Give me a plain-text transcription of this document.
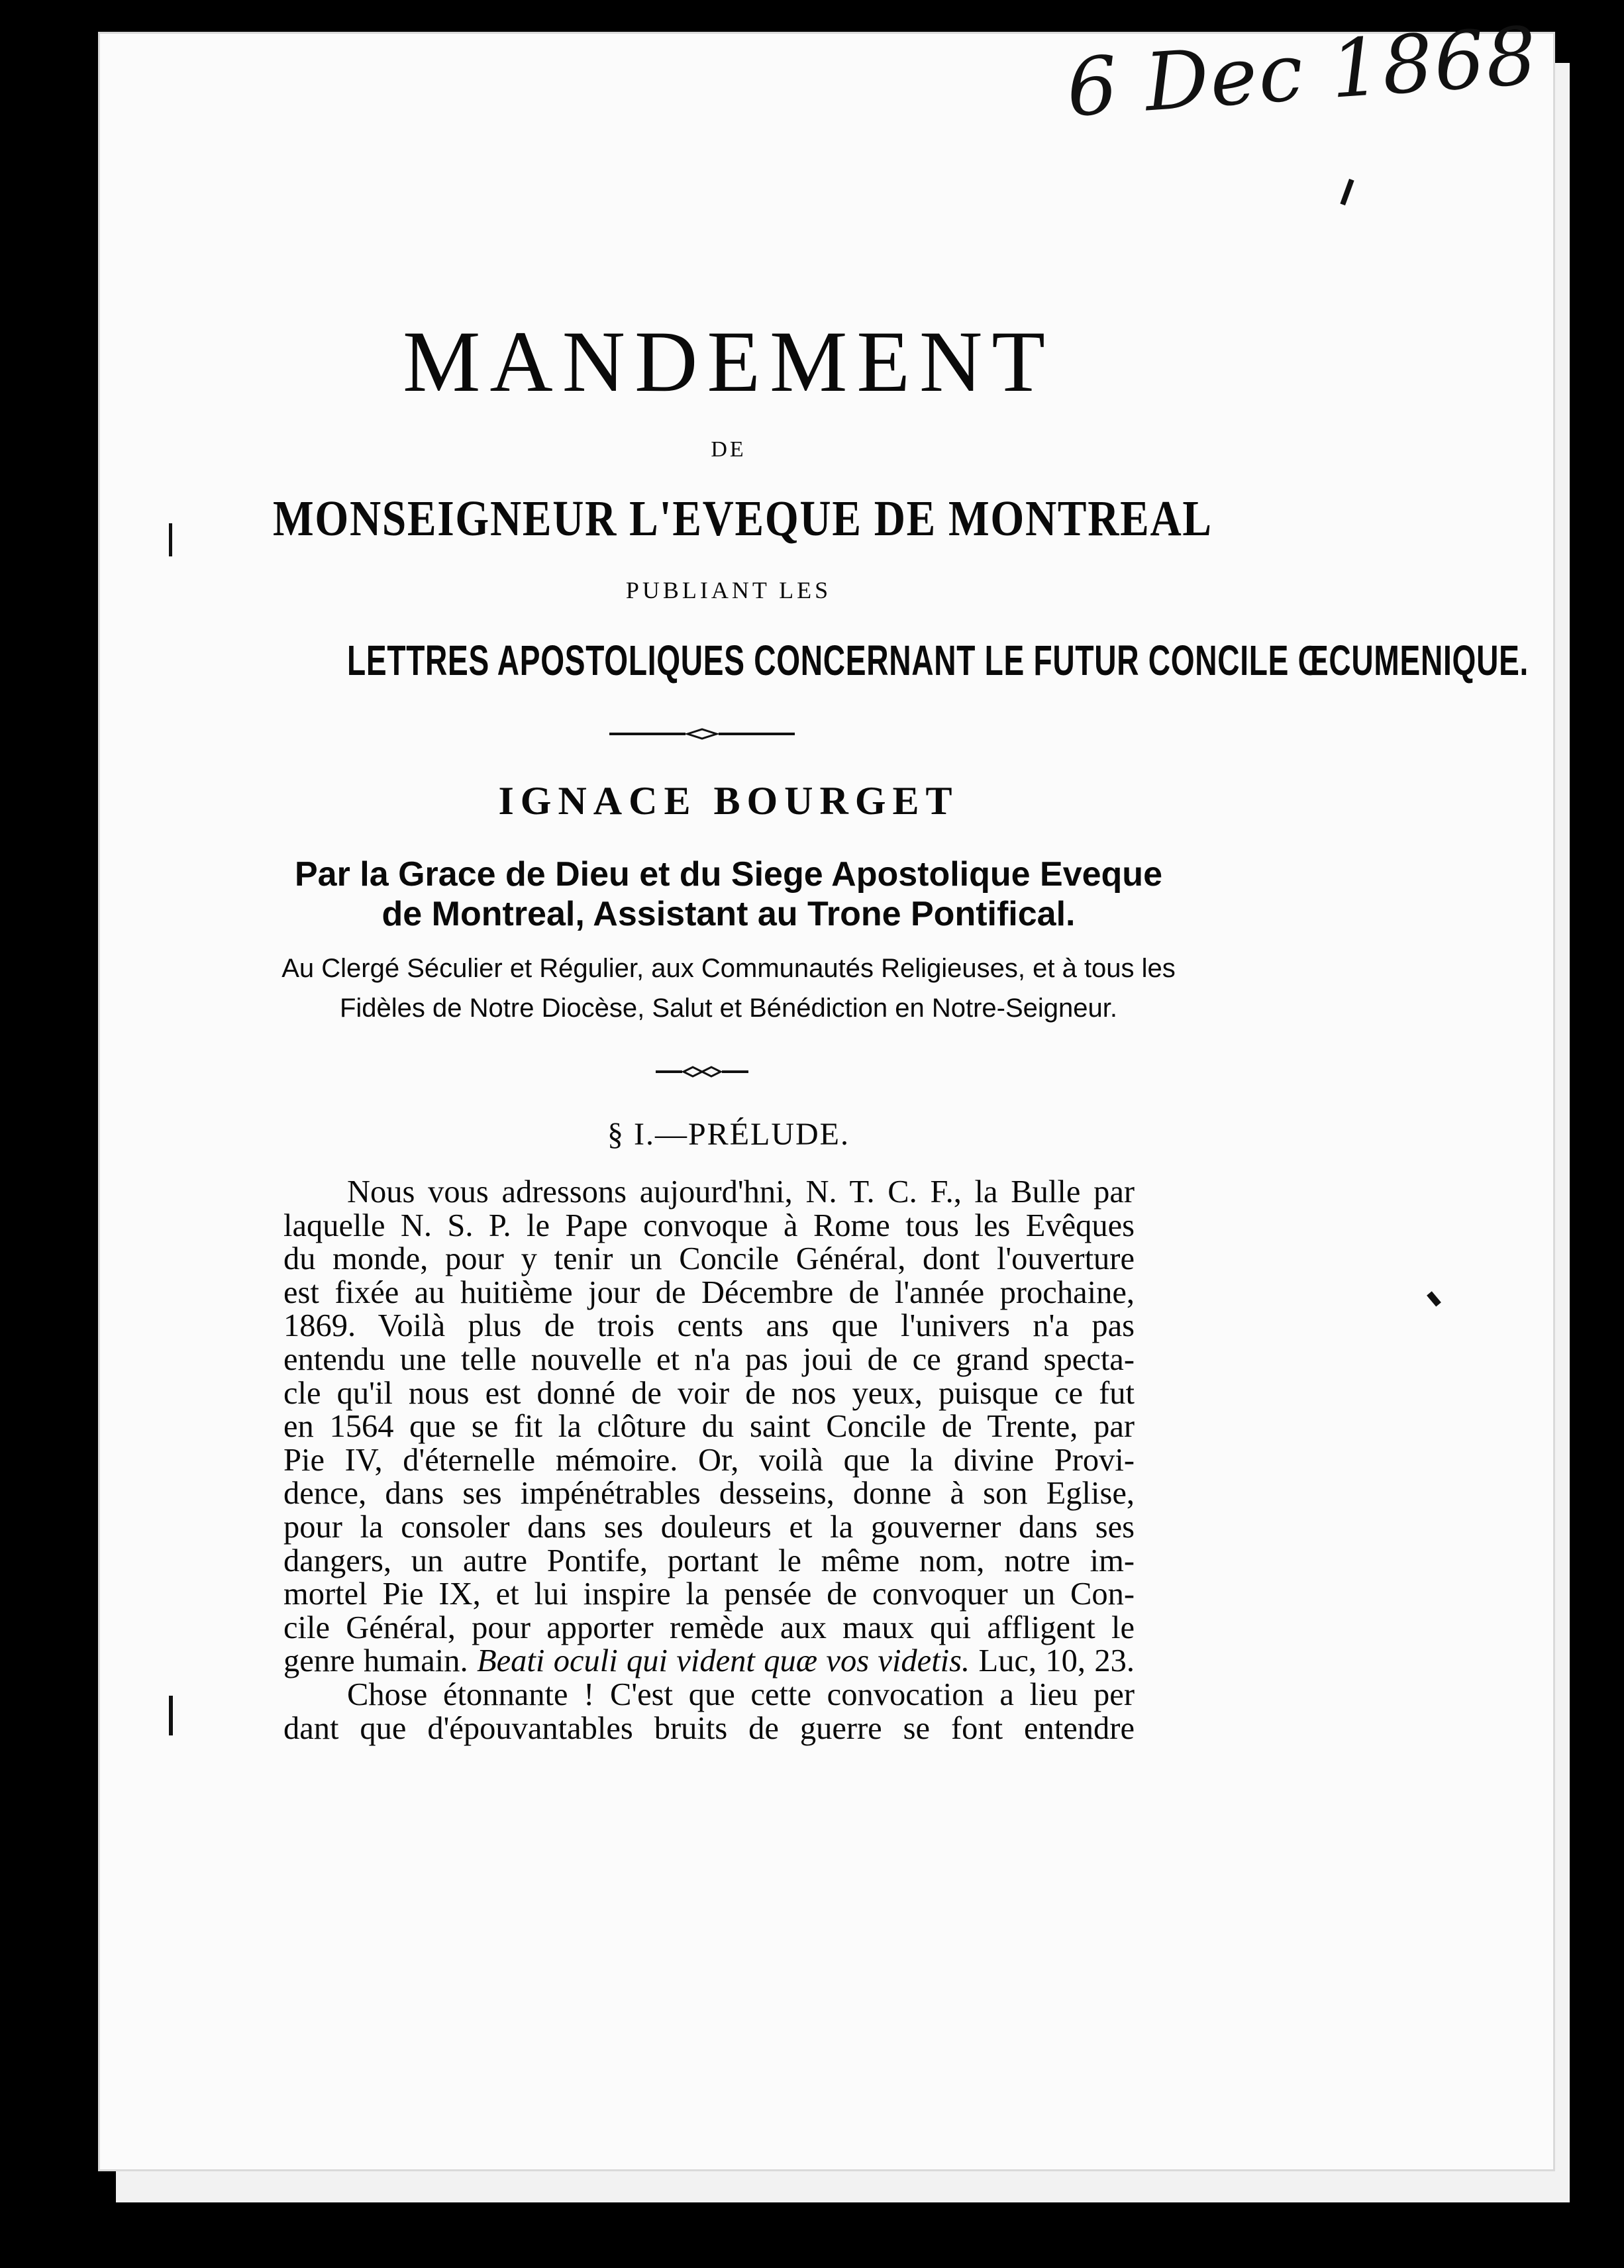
6 Dec 1868
MANDEMENT
DE
MONSEIGNEUR L'EVEQUE DE MONTREAL
PUBLIANT LES
LETTRES APOSTOLIQUES CONCERNANT LE FUTUR CONCILE ŒCUMENIQUE.
IGNACE BOURGET
Par la Grace de Dieu et du Siege Apostolique Eveque
de Montreal, Assistant au Trone Pontifical.
Au Clergé Séculier et Régulier, aux Communautés Religieuses, et à tous les
Fidèles de Notre Diocèse, Salut et Bénédiction en Notre-Seigneur.
§ I.—PRÉLUDE.
Nous vous adressons aujourd'hni, N. T. C. F., la Bulle par
laquelle N. S. P. le Pape convoque à Rome tous les Evêques
du monde, pour y tenir un Concile Général, dont l'ouverture
est fixée au huitième jour de Décembre de l'année prochaine,
1869. Voilà plus de trois cents ans que l'univers n'a pas
entendu une telle nouvelle et n'a pas joui de ce grand specta-
cle qu'il nous est donné de voir de nos yeux, puisque ce fut
en 1564 que se fit la clôture du saint Concile de Trente, par
Pie IV, d'éternelle mémoire. Or, voilà que la divine Provi-
dence, dans ses impénétrables desseins, donne à son Eglise,
pour la consoler dans ses douleurs et la gouverner dans ses
dangers, un autre Pontife, portant le même nom, notre im-
mortel Pie IX, et lui inspire la pensée de convoquer un Con-
cile Général, pour apporter remède aux maux qui affligent le
genre humain. Beati oculi qui vident quæ vos videtis. Luc, 10, 23.
Chose étonnante ! C'est que cette convocation a lieu per
dant que d'épouvantables bruits de guerre se font entendre
